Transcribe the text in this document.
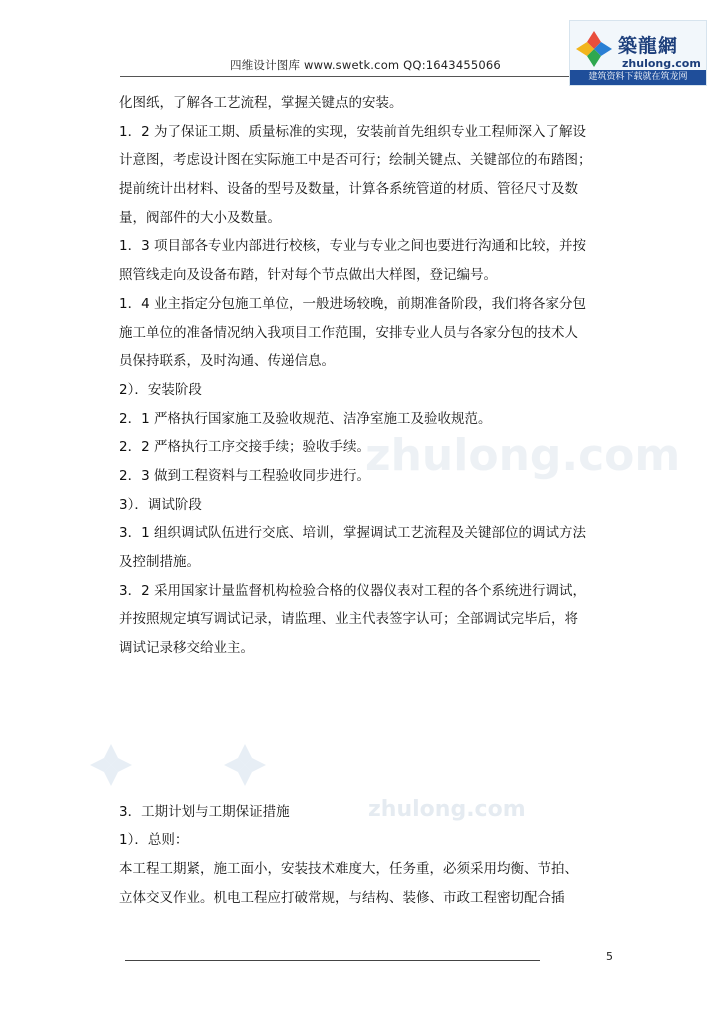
四维设计图库 www.swetk.com QQ:1643455066
築龍網
zhulong.com
建筑资料下载就在筑龙网
zhulong.com
zhulong.com
化图纸，了解各工艺流程，掌握关键点的安装。
1．2 为了保证工期、质量标准的实现，安装前首先组织专业工程师深入了解设
计意图，考虑设计图在实际施工中是否可行；绘制关键点、关键部位的布踏图；
提前统计出材料、设备的型号及数量，计算各系统管道的材质、管径尺寸及数
量，阀部件的大小及数量。
1．3 项目部各专业内部进行校核，专业与专业之间也要进行沟通和比较，并按
照管线走向及设备布踏，针对每个节点做出大样图，登记编号。
1．4 业主指定分包施工单位，一般进场较晚，前期准备阶段，我们将各家分包
施工单位的准备情况纳入我项目工作范围，安排专业人员与各家分包的技术人
员保持联系，及时沟通、传递信息。
2）．安装阶段
2．1 严格执行国家施工及验收规范、洁净室施工及验收规范。
2．2 严格执行工序交接手续；验收手续。
2．3 做到工程资料与工程验收同步进行。
3）．调试阶段
3．1 组织调试队伍进行交底、培训，掌握调试工艺流程及关键部位的调试方法
及控制措施。
3．2 采用国家计量监督机构检验合格的仪器仪表对工程的各个系统进行调试，
并按照规定填写调试记录，请监理、业主代表签字认可；全部调试完毕后，将
调试记录移交给业主。
3．工期计划与工期保证措施
1）．总则：
本工程工期紧，施工面小，安装技术难度大，任务重，必须采用均衡、节拍、
立体交叉作业。机电工程应打破常规，与结构、装修、市政工程密切配合插
5
